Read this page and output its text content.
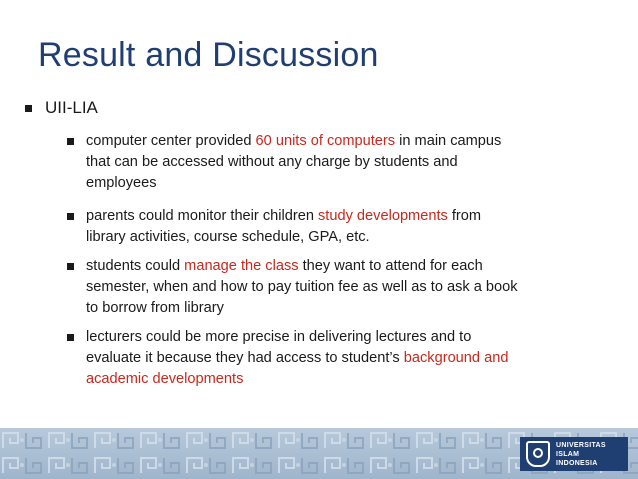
Result and Discussion
UII-LIA
computer center provided 60 units of computers in main campus
that can be accessed without any charge by students and
employees
parents could monitor their children study developments from
library activities, course schedule, GPA, etc.
students could manage the class they want to attend for each
semester, when and how to pay tuition fee as well as to ask a book
to borrow from library
lecturers could be more precise in delivering lectures and to
evaluate it because they had access to student’s background and
academic developments
UNIVERSITAS
ISLAM
INDONESIA
